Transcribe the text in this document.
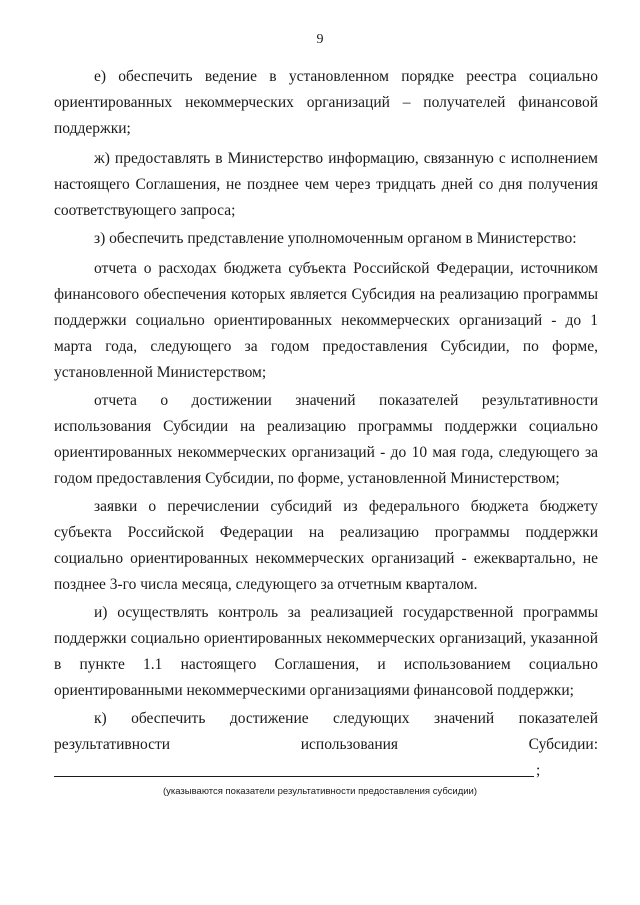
9
е) обеспечить ведение в установленном порядке реестра социально ориентированных некоммерческих организаций – получателей финансовой поддержки;
ж) предоставлять в Министерство информацию, связанную с исполнением настоящего Соглашения, не позднее чем через тридцать дней со дня получения соответствующего запроса;
з) обеспечить представление уполномоченным органом в Министерство:
отчета о расходах бюджета субъекта Российской Федерации, источником финансового обеспечения которых является Субсидия на реализацию программы поддержки социально ориентированных некоммерческих организаций - до 1 марта года, следующего за годом предоставления Субсидии, по форме, установленной Министерством;
отчета о достижении значений показателей результативности использования Субсидии на реализацию программы поддержки социально ориентированных некоммерческих организаций - до 10 мая года, следующего за годом предоставления Субсидии, по форме, установленной Министерством;
заявки о перечислении субсидий из федерального бюджета бюджету субъекта Российской Федерации на реализацию программы поддержки социально ориентированных некоммерческих организаций - ежеквартально, не позднее 3-го числа месяца, следующего за отчетным кварталом.
и) осуществлять контроль за реализацией государственной программы поддержки социально ориентированных некоммерческих организаций, указанной в пункте 1.1 настоящего Соглашения, и использованием социально ориентированными некоммерческими организациями финансовой поддержки;
к) обеспечить достижение следующих значений показателей результативности использования Субсидии:
;
(указываются показатели результативности предоставления субсидии)
